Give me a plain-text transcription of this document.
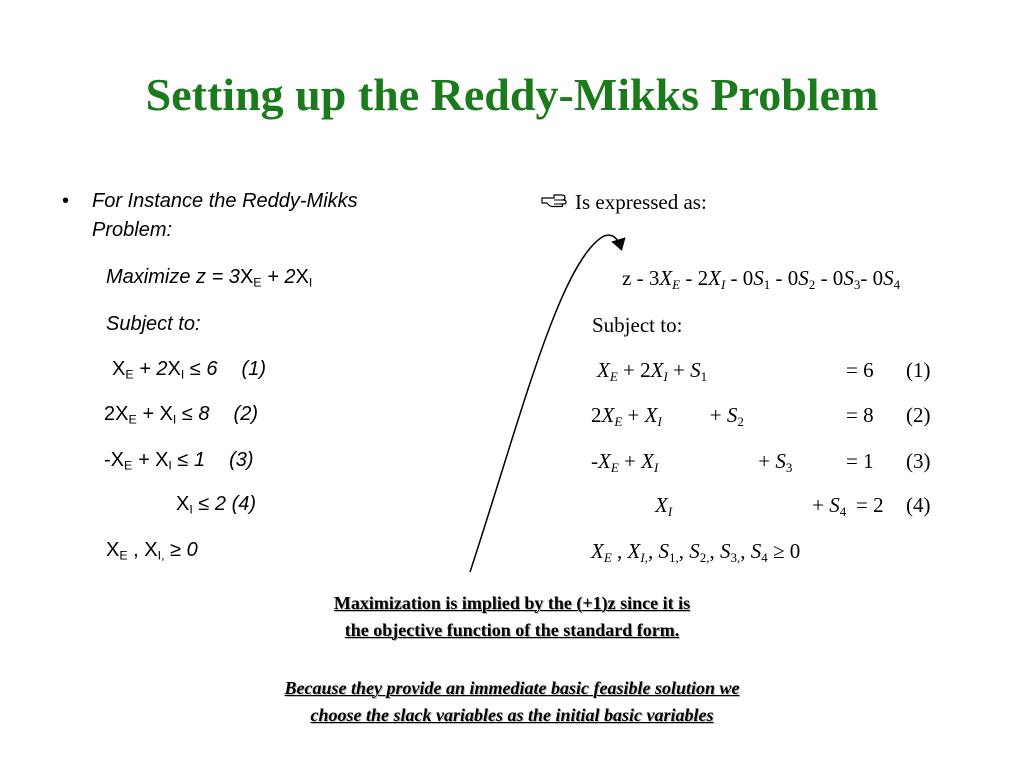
Setting up the Reddy-Mikks Problem
• For Instance the Reddy-Mikks
Problem:
Maximize $z = 3X_E + 2X_I$
Subject to:
$X_E + 2X_I \le 6$ (1)
$2X_E + X_I \le 8$ (2)
$-X_E + X_I \le 1$ (3)
$X_I \le 2$ (4)
$X_E$ , $X_{I,} \ge 0$
Is expressed as:
z - $3X_E - 2X_I - 0S_1 - 0S_2 - 0S_3-$ $0S_4$
Subject to:
$X_E + 2X_I + S_1$	= 6 (1)
$2X_E + X_I + S_2$	= 8 (2)
$-X_E + X_I$	+ $S_3$	= 1 (3)
$X_I$	+ $S_4 = 2$ (4)
$X_E$ , $X_{I,}$, $S_{1,}$, $S_{2,}$, $S_{3,}$, $S_4 \ge 0$
Maximization is implied by the (+1)z since it is
the objective function of the standard form.
Because they provide an immediate basic feasible solution we
choose the slack variables as the initial basic variables
